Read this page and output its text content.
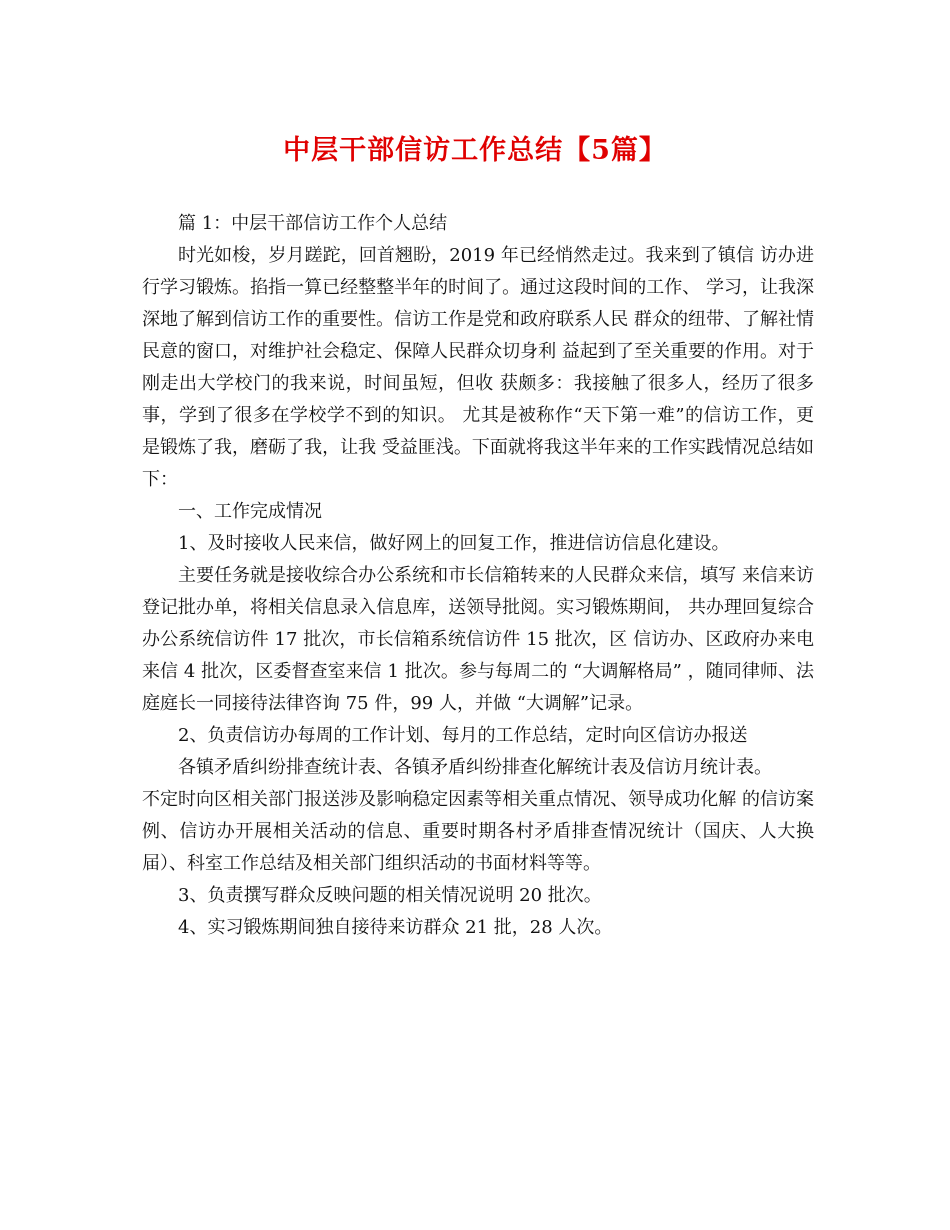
中层干部信访工作总结【5篇】

篇 1：中层干部信访工作个人总结

时光如梭，岁月蹉跎，回首翘盼，2019 年已经悄然走过。我来到了镇信 访办进行学习锻炼。掐指一算已经整整半年的时间了。通过这段时间的工作、 学习，让我深深地了解到信访工作的重要性。信访工作是党和政府联系人民 群众的纽带、了解社情民意的窗口，对维护社会稳定、保障人民群众切身利 益起到了至关重要的作用。对于刚走出大学校门的我来说，时间虽短，但收 获颇多：我接触了很多人，经历了很多事，学到了很多在学校学不到的知识。 尤其是被称作“天下第一难”的信访工作，更是锻炼了我，磨砺了我，让我 受益匪浅。下面就将我这半年来的工作实践情况总结如下：

一、工作完成情况

1、及时接收人民来信，做好网上的回复工作，推进信访信息化建设。

主要任务就是接收综合办公系统和市长信箱转来的人民群众来信，填写 来信来访登记批办单，将相关信息录入信息库，送领导批阅。实习锻炼期间， 共办理回复综合办公系统信访件 17 批次，市长信箱系统信访件 15 批次，区 信访办、区政府办来电来信 4 批次，区委督查室来信 1 批次。参与每周二的 “大调解格局” ，随同律师、法庭庭长一同接待法律咨询 75 件，99 人，并做 “大调解”记录。

2、负责信访办每周的工作计划、每月的工作总结，定时向区信访办报送

各镇矛盾纠纷排查统计表、各镇矛盾纠纷排查化解统计表及信访月统计表。

不定时向区相关部门报送涉及影响稳定因素等相关重点情况、领导成功化解 的信访案例、信访办开展相关活动的信息、重要时期各村矛盾排查情况统计（国庆、人大换届）、科室工作总结及相关部门组织活动的书面材料等等。

3、负责撰写群众反映问题的相关情况说明 20 批次。

4、实习锻炼期间独自接待来访群众 21 批，28 人次。
